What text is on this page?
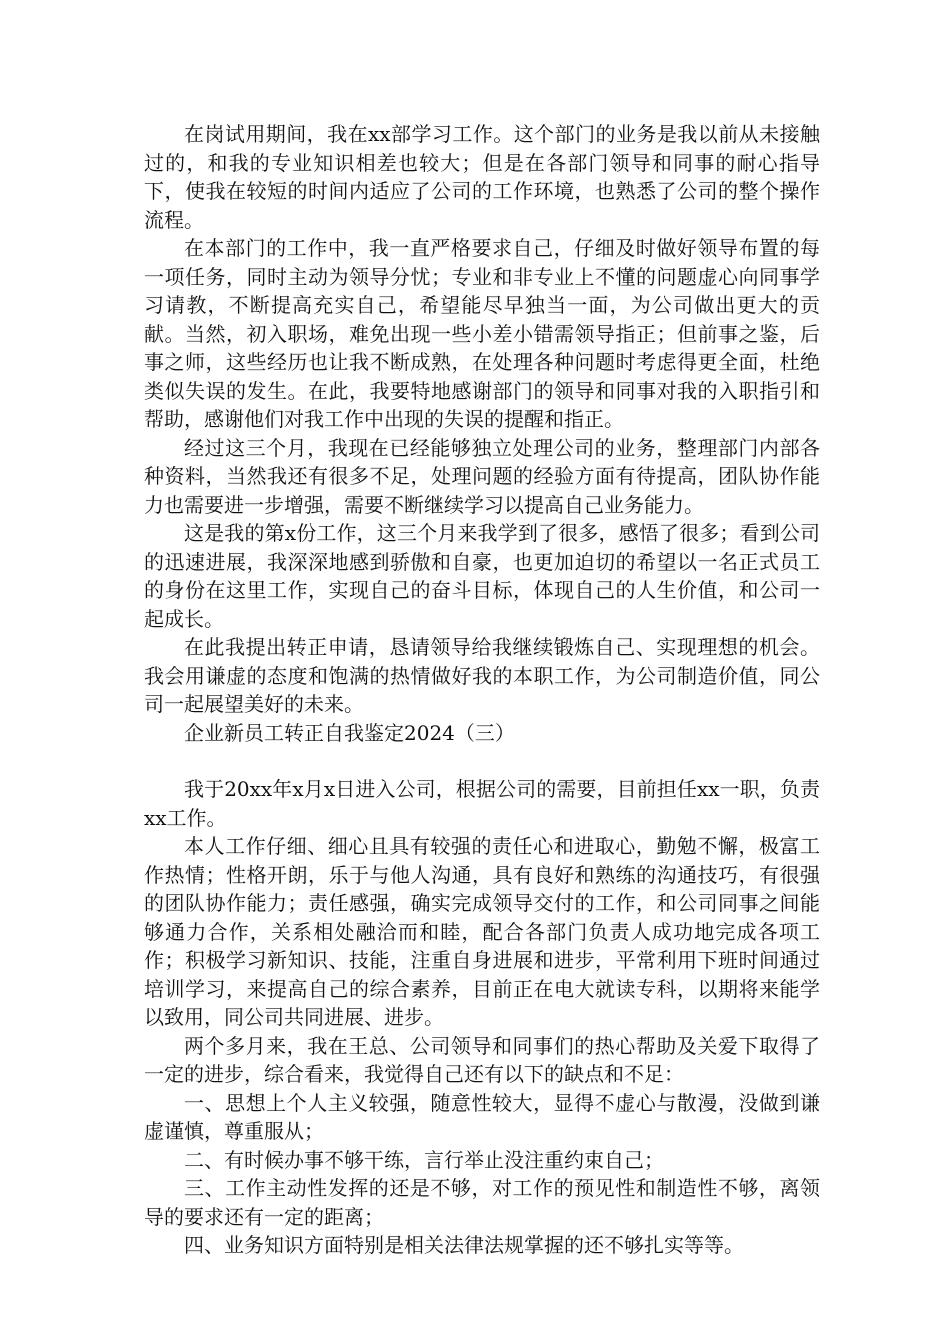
在岗试用期间，我在xx部学习工作。这个部门的业务是我以前从未接触过的，和我的专业知识相差也较大；但是在各部门领导和同事的耐心指导下，使我在较短的时间内适应了公司的工作环境，也熟悉了公司的整个操作流程。

在本部门的工作中，我一直严格要求自己，仔细及时做好领导布置的每一项任务，同时主动为领导分忧；专业和非专业上不懂的问题虚心向同事学习请教，不断提高充实自己，希望能尽早独当一面，为公司做出更大的贡献。当然，初入职场，难免出现一些小差小错需领导指正；但前事之鉴，后事之师，这些经历也让我不断成熟，在处理各种问题时考虑得更全面，杜绝类似失误的发生。在此，我要特地感谢部门的领导和同事对我的入职指引和帮助，感谢他们对我工作中出现的失误的提醒和指正。

经过这三个月，我现在已经能够独立处理公司的业务，整理部门内部各种资料，当然我还有很多不足，处理问题的经验方面有待提高，团队协作能力也需要进一步增强，需要不断继续学习以提高自己业务能力。

这是我的第x份工作，这三个月来我学到了很多，感悟了很多；看到公司的迅速进展，我深深地感到骄傲和自豪，也更加迫切的希望以一名正式员工的身份在这里工作，实现自己的奋斗目标，体现自己的人生价值，和公司一起成长。

在此我提出转正申请，恳请领导给我继续锻炼自己、实现理想的机会。我会用谦虚的态度和饱满的热情做好我的本职工作，为公司制造价值，同公司一起展望美好的未来。

企业新员工转正自我鉴定2024（三）

我于20xx年x月x日进入公司，根据公司的需要，目前担任xx一职，负责xx工作。

本人工作仔细、细心且具有较强的责任心和进取心，勤勉不懈，极富工作热情；性格开朗，乐于与他人沟通，具有良好和熟练的沟通技巧，有很强的团队协作能力；责任感强，确实完成领导交付的工作，和公司同事之间能够通力合作，关系相处融洽而和睦，配合各部门负责人成功地完成各项工作；积极学习新知识、技能，注重自身进展和进步，平常利用下班时间通过培训学习，来提高自己的综合素养，目前正在电大就读专科，以期将来能学以致用，同公司共同进展、进步。

两个多月来，我在王总、公司领导和同事们的热心帮助及关爱下取得了一定的进步，综合看来，我觉得自己还有以下的缺点和不足：

一、思想上个人主义较强，随意性较大，显得不虚心与散漫，没做到谦虚谨慎，尊重服从；

二、有时候办事不够干练，言行举止没注重约束自己；

三、工作主动性发挥的还是不够，对工作的预见性和制造性不够，离领导的要求还有一定的距离；

四、业务知识方面特别是相关法律法规掌握的还不够扎实等等。
